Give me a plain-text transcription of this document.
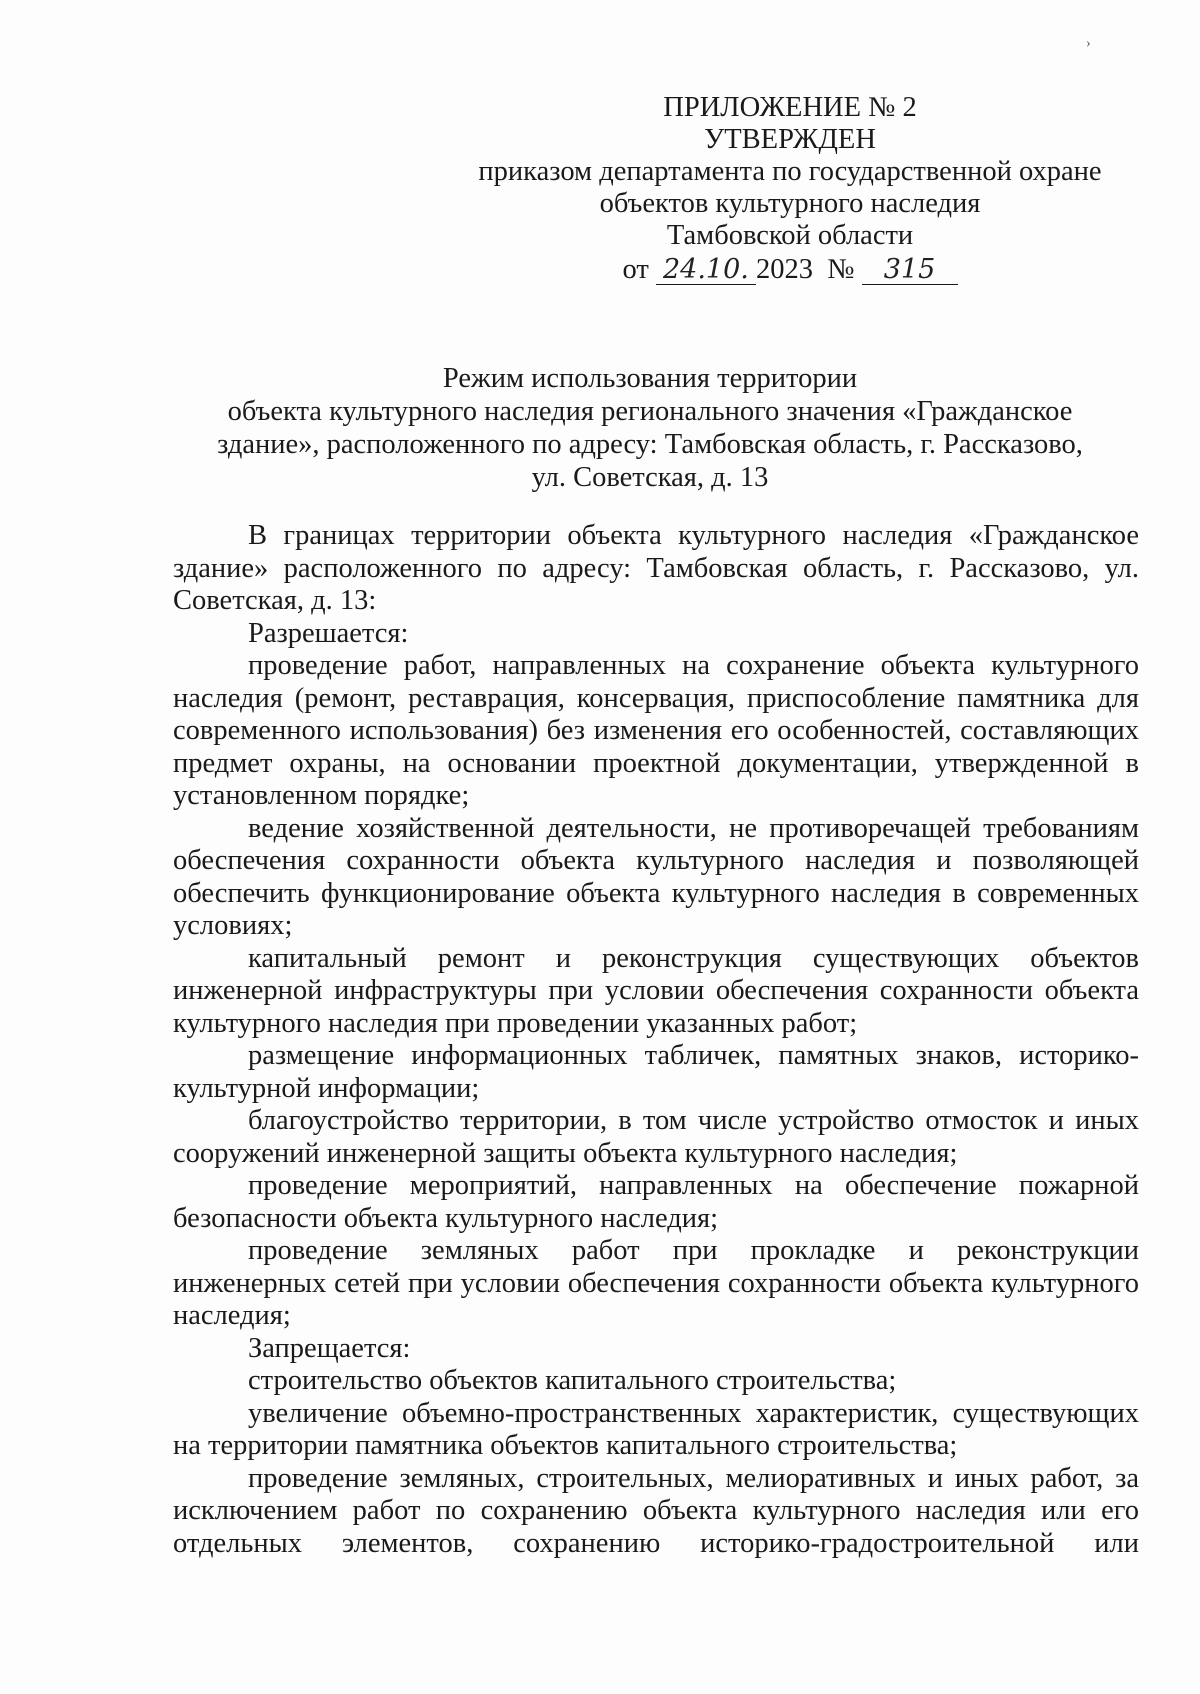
›
ПРИЛОЖЕНИЕ № 2
УТВЕРЖДЕН
приказом департамента по государственной охране
объектов культурного наследия
Тамбовской области
от 24.10. 2023 № 315
Режим использования территории
объекта культурного наследия регионального значения «Гражданское
здание», расположенного по адресу: Тамбовская область, г. Рассказово,
ул. Советская, д. 13

В границах территории объекта культурного наследия «Гражданское здание» расположенного по адресу: Тамбовская область, г. Рассказово, ул. Советская, д. 13:

Разрешается:

проведение работ, направленных на сохранение объекта культурного наследия (ремонт, реставрация, консервация, приспособление памятника для современного использования) без изменения его особенностей, составляющих предмет охраны, на основании проектной документации, утвержденной в установленном порядке;

ведение хозяйственной деятельности, не противоречащей требованиям обеспечения сохранности объекта культурного наследия и позволяющей обеспечить функционирование объекта культурного наследия в современных условиях;

капитальный ремонт и реконструкция существующих объектов инженерной инфраструктуры при условии обеспечения сохранности объекта культурного наследия при проведении указанных работ;

размещение информационных табличек, памятных знаков, историко-культурной информации;

благоустройство территории, в том числе устройство отмосток и иных сооружений инженерной защиты объекта культурного наследия;

проведение мероприятий, направленных на обеспечение пожарной безопасности объекта культурного наследия;

проведение земляных работ при прокладке и реконструкции инженерных сетей при условии обеспечения сохранности объекта культурного наследия;

Запрещается:

строительство объектов капитального строительства;

увеличение объемно-пространственных характеристик, существующих на территории памятника объектов капитального строительства;

проведение земляных, строительных, мелиоративных и иных работ, за исключением работ по сохранению объекта культурного наследия или его отдельных элементов, сохранению историко-градостроительной или
